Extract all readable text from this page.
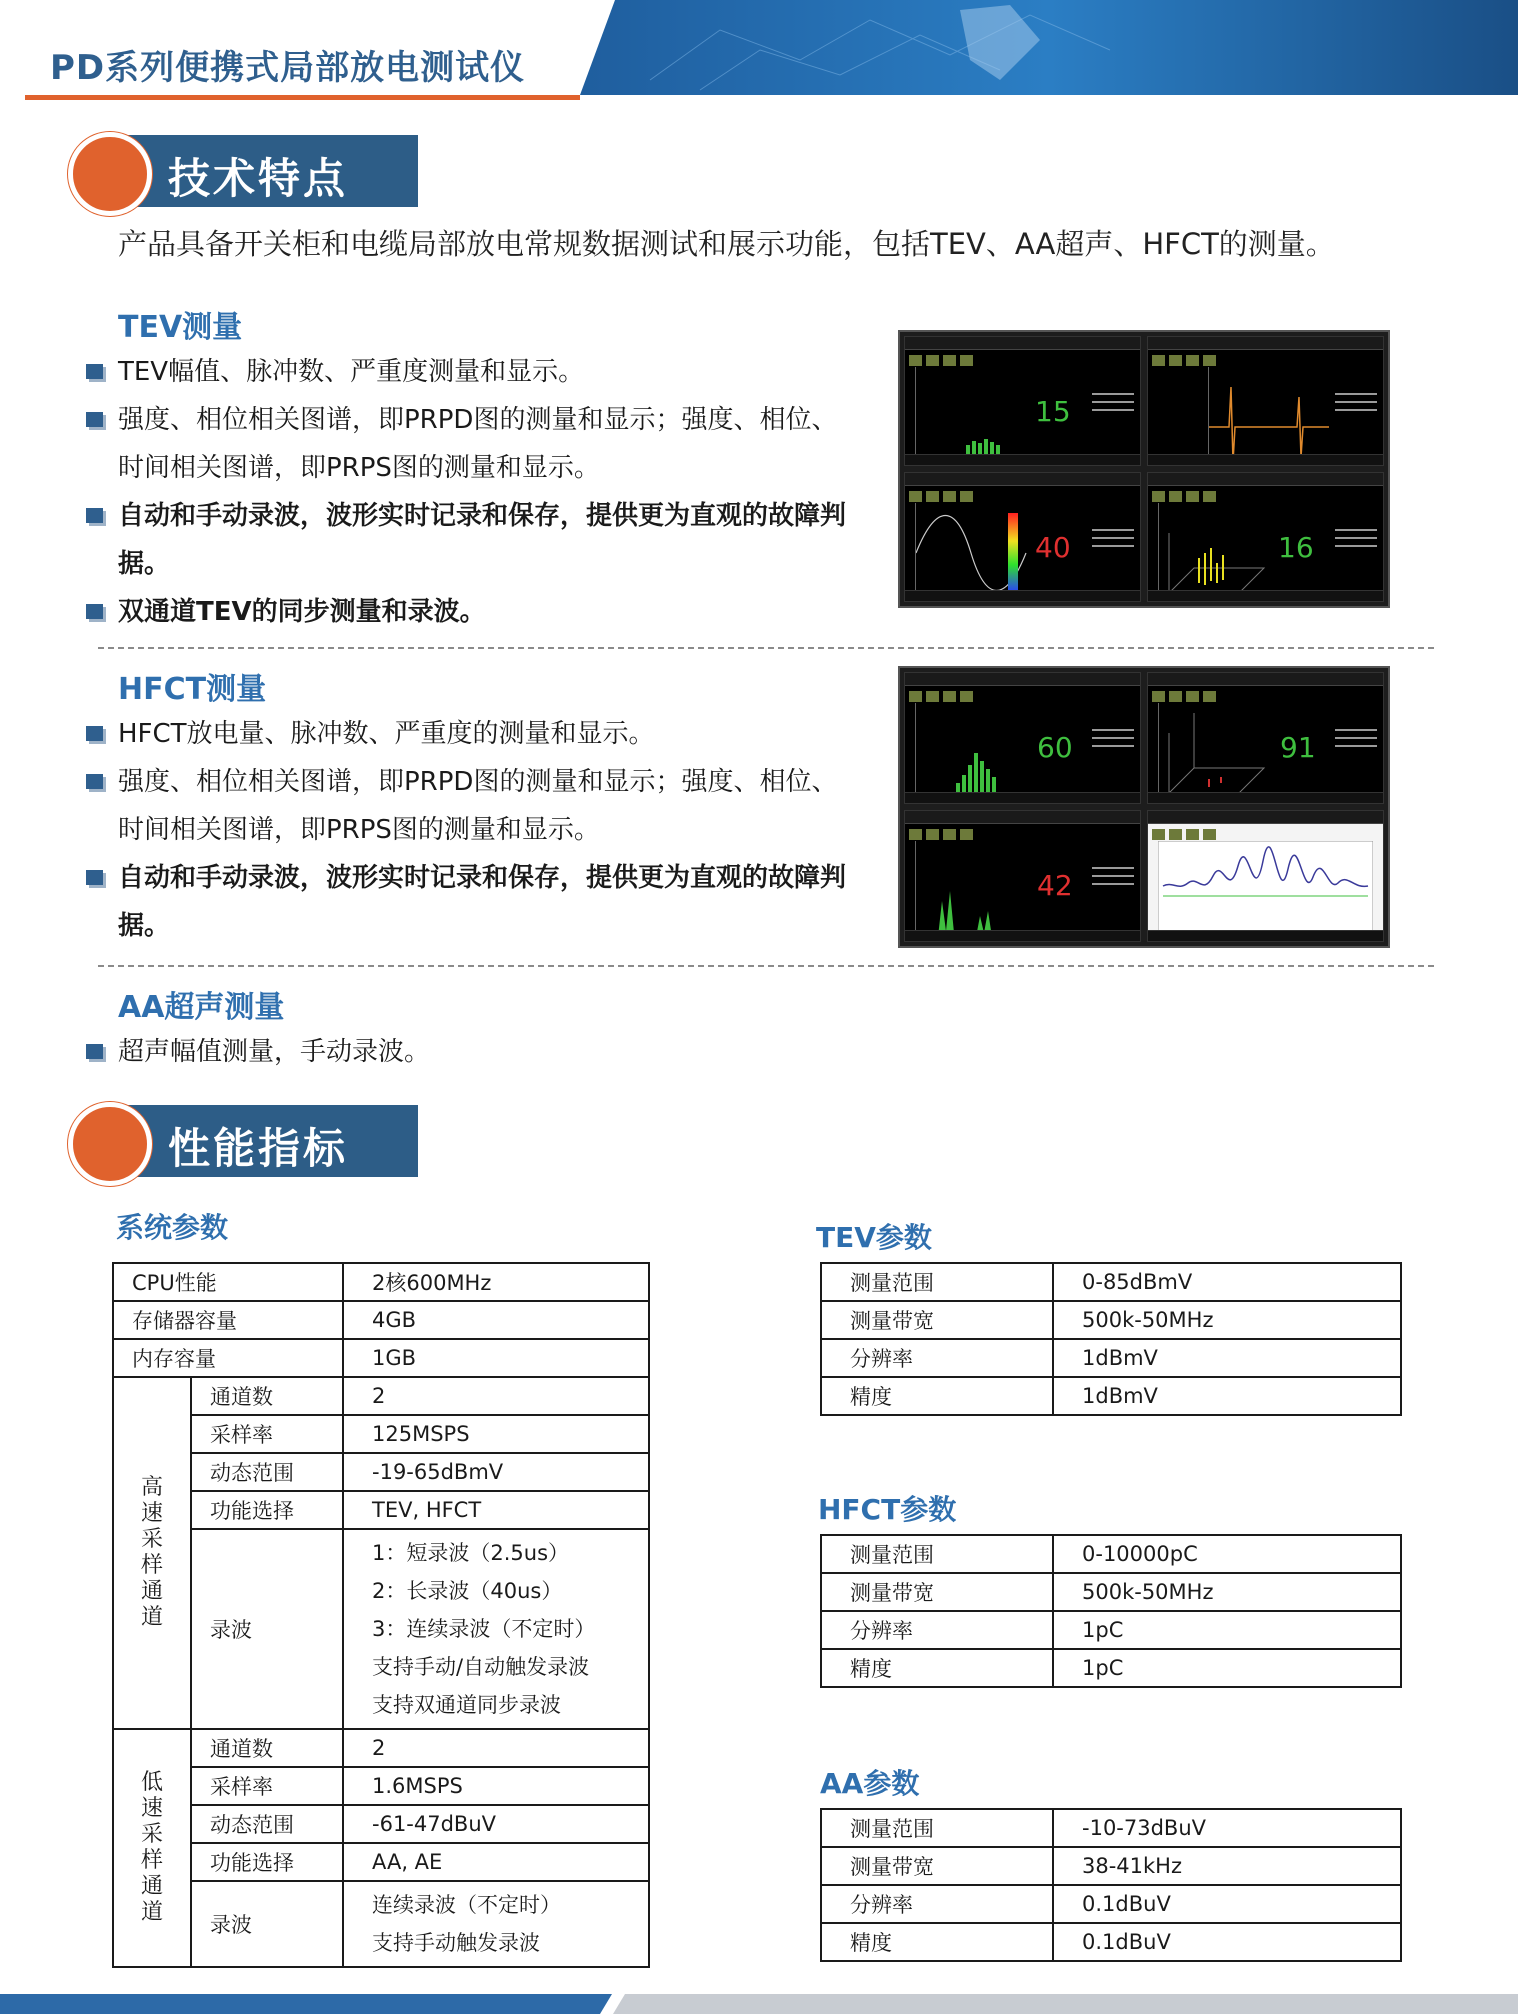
PD系列便携式局部放电测试仪
技术特点
产品具备开关柜和电缆局部放电常规数据测试和展示功能，包括TEV、AA超声、HFCT的测量。
TEV测量
TEV幅值、脉冲数、严重度测量和显示。
强度、相位相关图谱，即PRPD图的测量和显示；强度、相位、时间相关图谱，即PRPS图的测量和显示。
自动和手动录波，波形实时记录和保存，提供更为直观的故障判据。
双通道TEV的同步测量和录波。
15
40	16
HFCT测量
HFCT放电量、脉冲数、严重度的测量和显示。
强度、相位相关图谱，即PRPD图的测量和显示；强度、相位、时间相关图谱，即PRPS图的测量和显示。
自动和手动录波，波形实时记录和保存，提供更为直观的故障判据。
60	91
42
AA超声测量
超声幅值测量，手动录波。
性能指标
系统参数
CPU性能		2核600MHz
存储器容量		4GB
内存容量		1GB
高速采样通道	通道数	2
	采样率	125MSPS
	动态范围	-19-65dBmV
	功能选择	TEV, HFCT
	录波	1：短录波（2.5us）
2：长录波（40us）
3：连续录波（不定时）
支持手动/自动触发录波
支持双通道同步录波

低速采样通道	通道数	2
	采样率	1.6MSPS
	动态范围	-61-47dBuV
	功能选择	AA, AE
	录波	连续录波（不定时）
支持手动触发录波
TEV参数
测量范围	0-85dBmV
测量带宽	500k-50MHz
分辨率	1dBmV
精度	1dBmV
HFCT参数
测量范围	0-10000pC
测量带宽	500k-50MHz
分辨率	1pC
精度	1pC
AA参数
测量范围	-10-73dBuV
测量带宽	38-41kHz
分辨率	0.1dBuV
精度	0.1dBuV
